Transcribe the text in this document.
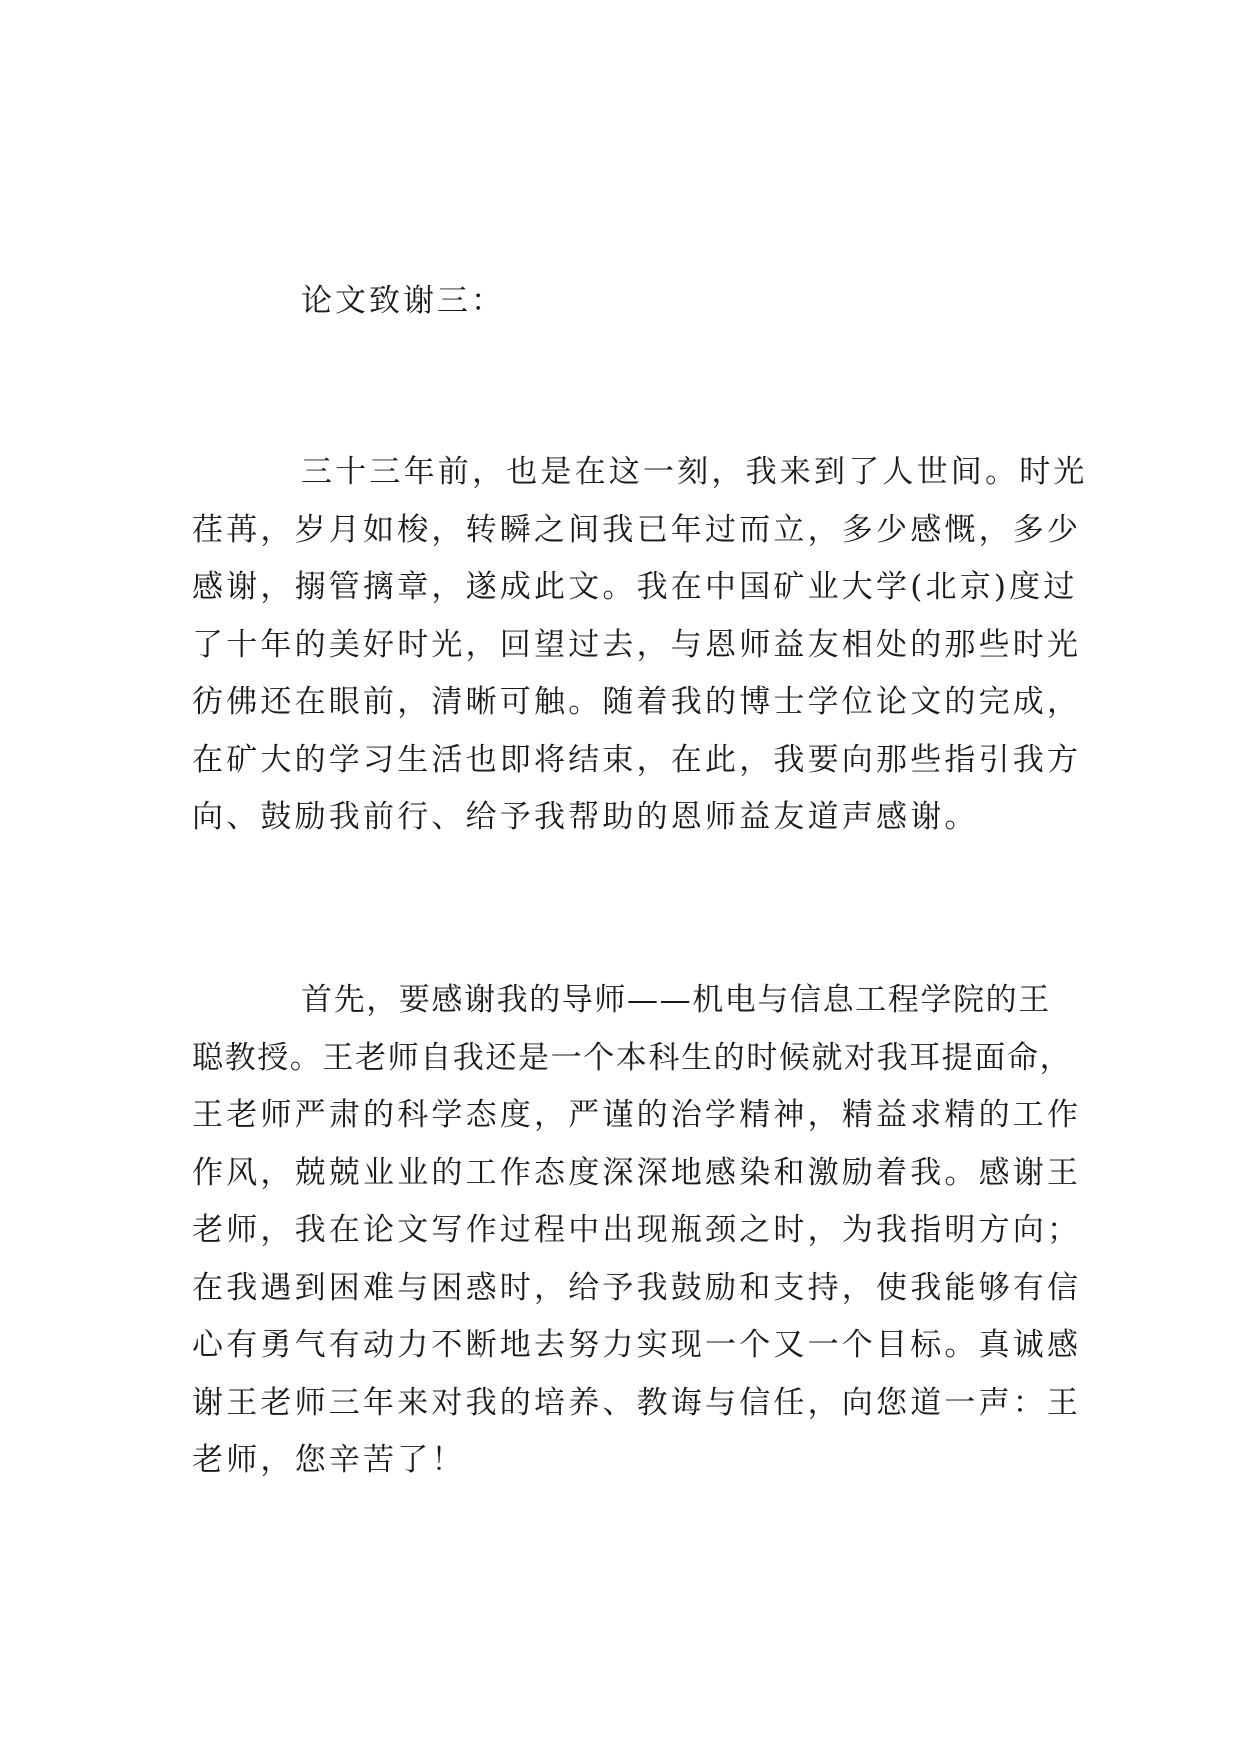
论文致谢三：
三十三年前，也是在这一刻，我来到了人世间。时光
荏苒，岁月如梭，转瞬之间我已年过而立，多少感慨，多少
感谢，搦管摛章，遂成此文。我在中国矿业大学(北京)度过
了十年的美好时光，回望过去，与恩师益友相处的那些时光
彷佛还在眼前，清晰可触。随着我的博士学位论文的完成，
在矿大的学习生活也即将结束，在此，我要向那些指引我方
向、鼓励我前行、给予我帮助的恩师益友道声感谢。
首先，要感谢我的导师——机电与信息工程学院的王
聪教授。王老师自我还是一个本科生的时候就对我耳提面命，
王老师严肃的科学态度，严谨的治学精神，精益求精的工作
作风，兢兢业业的工作态度深深地感染和激励着我。感谢王
老师，我在论文写作过程中出现瓶颈之时，为我指明方向；
在我遇到困难与困惑时，给予我鼓励和支持，使我能够有信
心有勇气有动力不断地去努力实现一个又一个目标。真诚感
谢王老师三年来对我的培养、教诲与信任，向您道一声：王
老师，您辛苦了！
